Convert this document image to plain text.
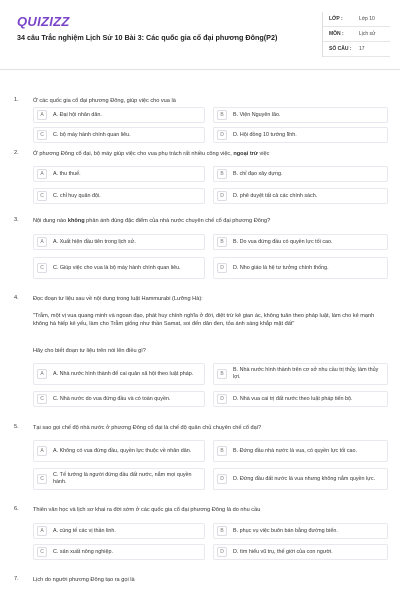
QUIZIZZ
34 câu Trắc nghiệm Lịch Sử 10 Bài 3: Các quốc gia cổ đại phương Đông(P2)
LỚP :	Lớp 10
MÔN :	Lịch sử
SỐ CÂU :	17
1.	Ở các quốc gia cổ đại phương Đông, giúp việc cho vua là
A	A. Đại hội nhân dân.	B	B. Viện Nguyên lão.
C	C. bộ máy hành chính quan liêu.	D	D. Hội đồng 10 tướng lĩnh.
2.	Ở phương Đông cổ đại, bộ máy giúp việc cho vua phụ trách rất nhiều công việc, ngoại trừ việc
A	A. thu thuế.	B	B. chỉ đạo xây dựng.
C	C. chỉ huy quân đội.	D	D. phê duyệt tất cả các chính sách.
3.	Nội dung nào không phản ánh đúng đặc điểm của nhà nước chuyên chế cổ đại phương Đông?
A	A. Xuất hiện đầu tiên trong lịch sử.	B	B. Do vua đứng đầu có quyền lực tối cao.
C	C. Giúp việc cho vua là bộ máy hành chính quan liêu.	D	D. Nho giáo là hệ tư tưởng chính thống.
4.	Đọc đoạn tư liệu sau về nội dung trong luật Hammurabi (Lưỡng Hà):
"Trẫm, một vị vua quang minh và ngoan đạo, phát huy chính nghĩa ở đời, diệt trừ kẻ gian ác, không tuân theo pháp luật, làm cho kẻ mạnh không hà hiếp kẻ yếu, làm cho Trẫm giống như thần Samat, soi đến dân đen, tỏa ánh sáng khắp mặt đất"
Hãy cho biết đoạn tư liệu trên nói lên điều gì?
A	A. Nhà nước hình thành để cai quản xã hội theo luật pháp.	B
B. Nhà nước hình thành trên cơ sở nhu cầu trị thủy, làm thủy lợi.
C	C. Nhà nước do vua đứng đầu và có toàn quyền.	D	D. Nhà vua cai trị đất nước theo luật pháp tiến bộ.
5.	Tại sao gọi chế độ nhà nước ở phương Đông cổ đại là chế độ quân chủ chuyên chế cổ đại?
A	A. Không có vua đứng đầu, quyền lực thuộc về nhân dân.	B	B. Đứng đầu nhà nước là vua, có quyền lực tối cao.
C
C. Tế tướng là người đứng đầu đất nước, nắm mọi quyền hành.	D	D. Đứng đầu đất nước là vua nhưng không nắm quyền lực.
6.	Thiên văn học và lịch sơ khai ra đời sớm ở các quốc gia cổ đại phương Đông là do nhu cầu
A	A. cúng tế các vị thần linh.	B	B. phục vụ việc buôn bán bằng đường biển.
C	C. sản xuất nông nghiệp.	D	D. tìm hiểu vũ trụ, thế giới của con người.
7.	Lịch do người phương Đông tạo ra gọi là
